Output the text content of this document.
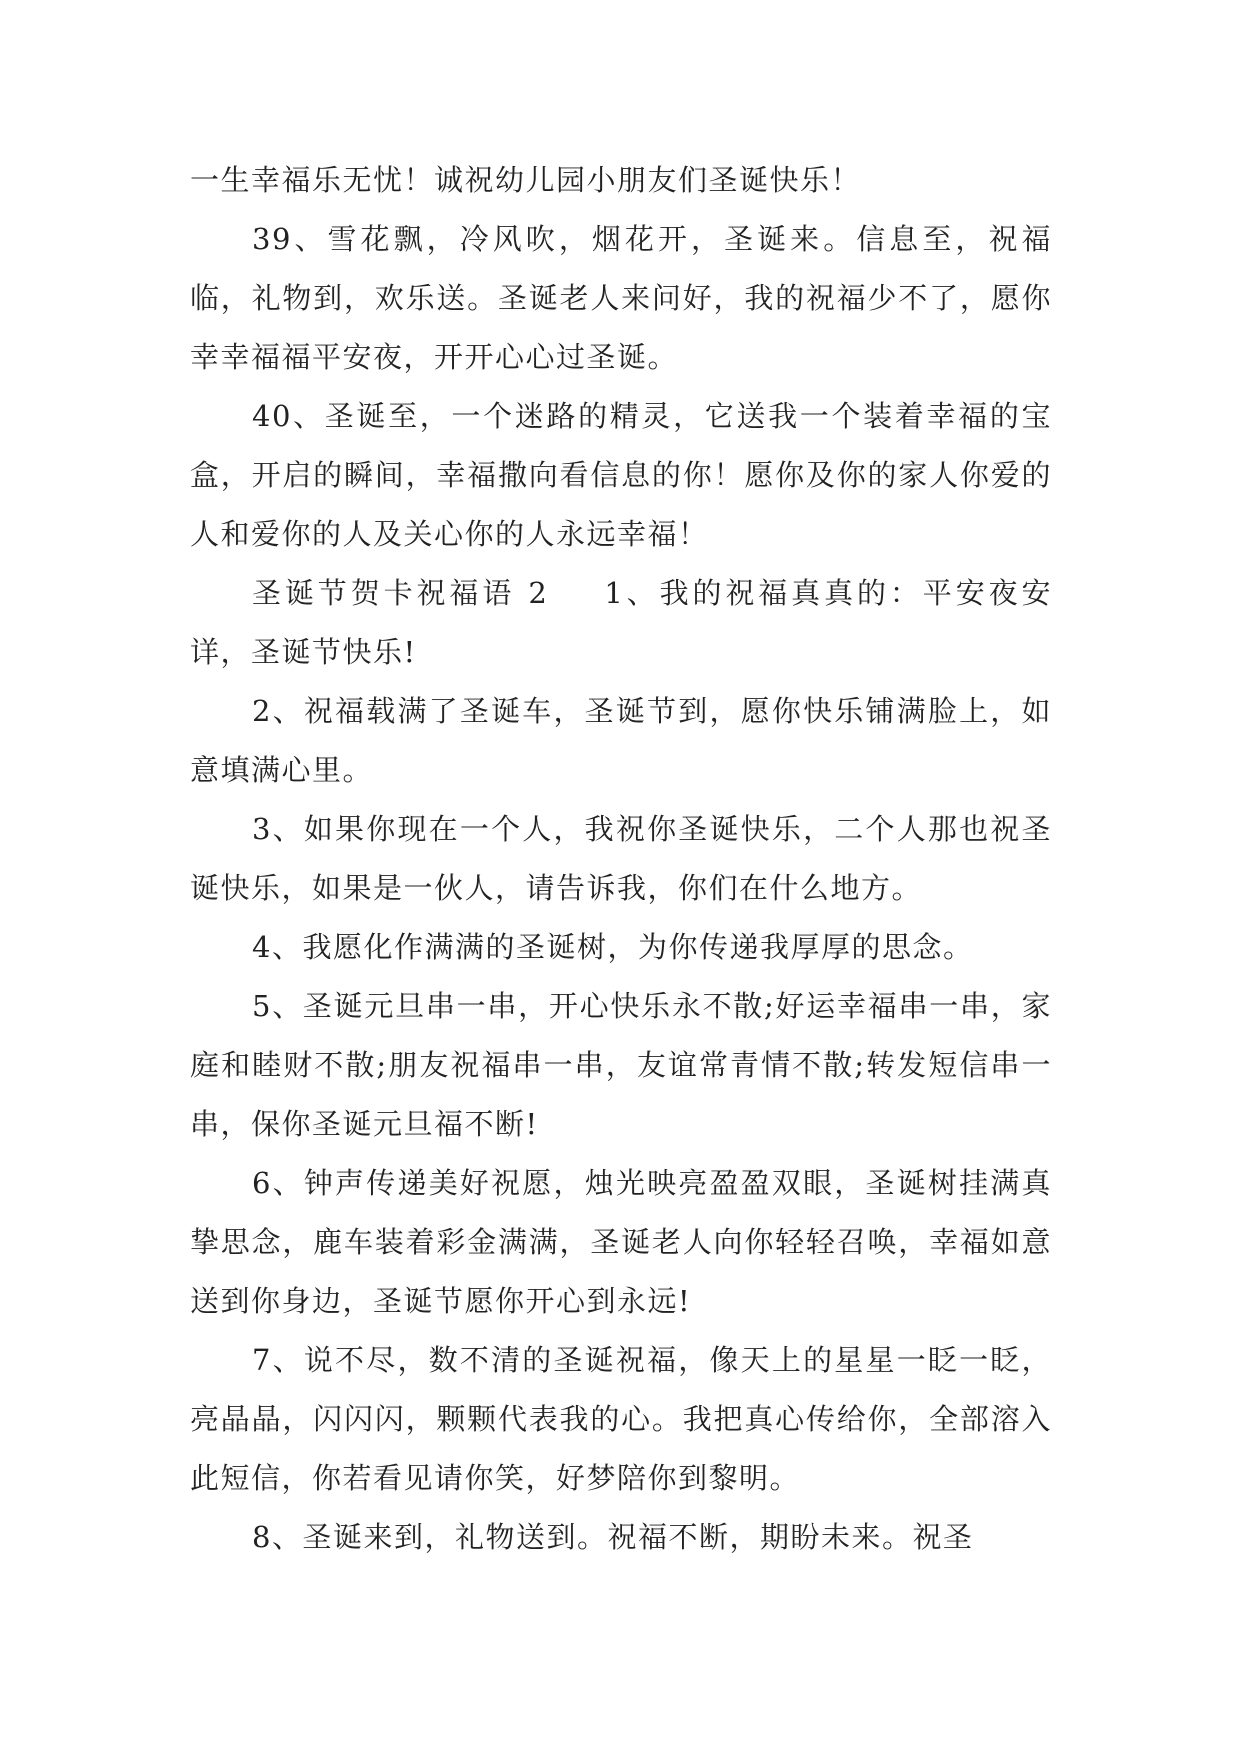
一生幸福乐无忧！诚祝幼儿园小朋友们圣诞快乐！

39、雪花飘，冷风吹，烟花开，圣诞来。信息至，祝福临，礼物到，欢乐送。圣诞老人来问好，我的祝福少不了，愿你幸幸福福平安夜，开开心心过圣诞。

40、圣诞至，一个迷路的精灵，它送我一个装着幸福的宝盒，开启的瞬间，幸福撒向看信息的你！愿你及你的家人你爱的人和爱你的人及关心你的人永远幸福！

圣诞节贺卡祝福语 2 1、我的祝福真真的：平安夜安详，圣诞节快乐!

2、祝福载满了圣诞车，圣诞节到，愿你快乐铺满脸上，如意填满心里。

3、如果你现在一个人，我祝你圣诞快乐，二个人那也祝圣诞快乐，如果是一伙人，请告诉我，你们在什么地方。

4、我愿化作满满的圣诞树，为你传递我厚厚的思念。

5、圣诞元旦串一串，开心快乐永不散;好运幸福串一串，家庭和睦财不散;朋友祝福串一串，友谊常青情不散;转发短信串一串，保你圣诞元旦福不断!

6、钟声传递美好祝愿，烛光映亮盈盈双眼，圣诞树挂满真挚思念，鹿车装着彩金满满，圣诞老人向你轻轻召唤，幸福如意送到你身边，圣诞节愿你开心到永远!

7、说不尽，数不清的圣诞祝福，像天上的星星一眨一眨，亮晶晶，闪闪闪，颗颗代表我的心。我把真心传给你，全部溶入此短信，你若看见请你笑，好梦陪你到黎明。

8、圣诞来到，礼物送到。祝福不断，期盼未来。祝圣
